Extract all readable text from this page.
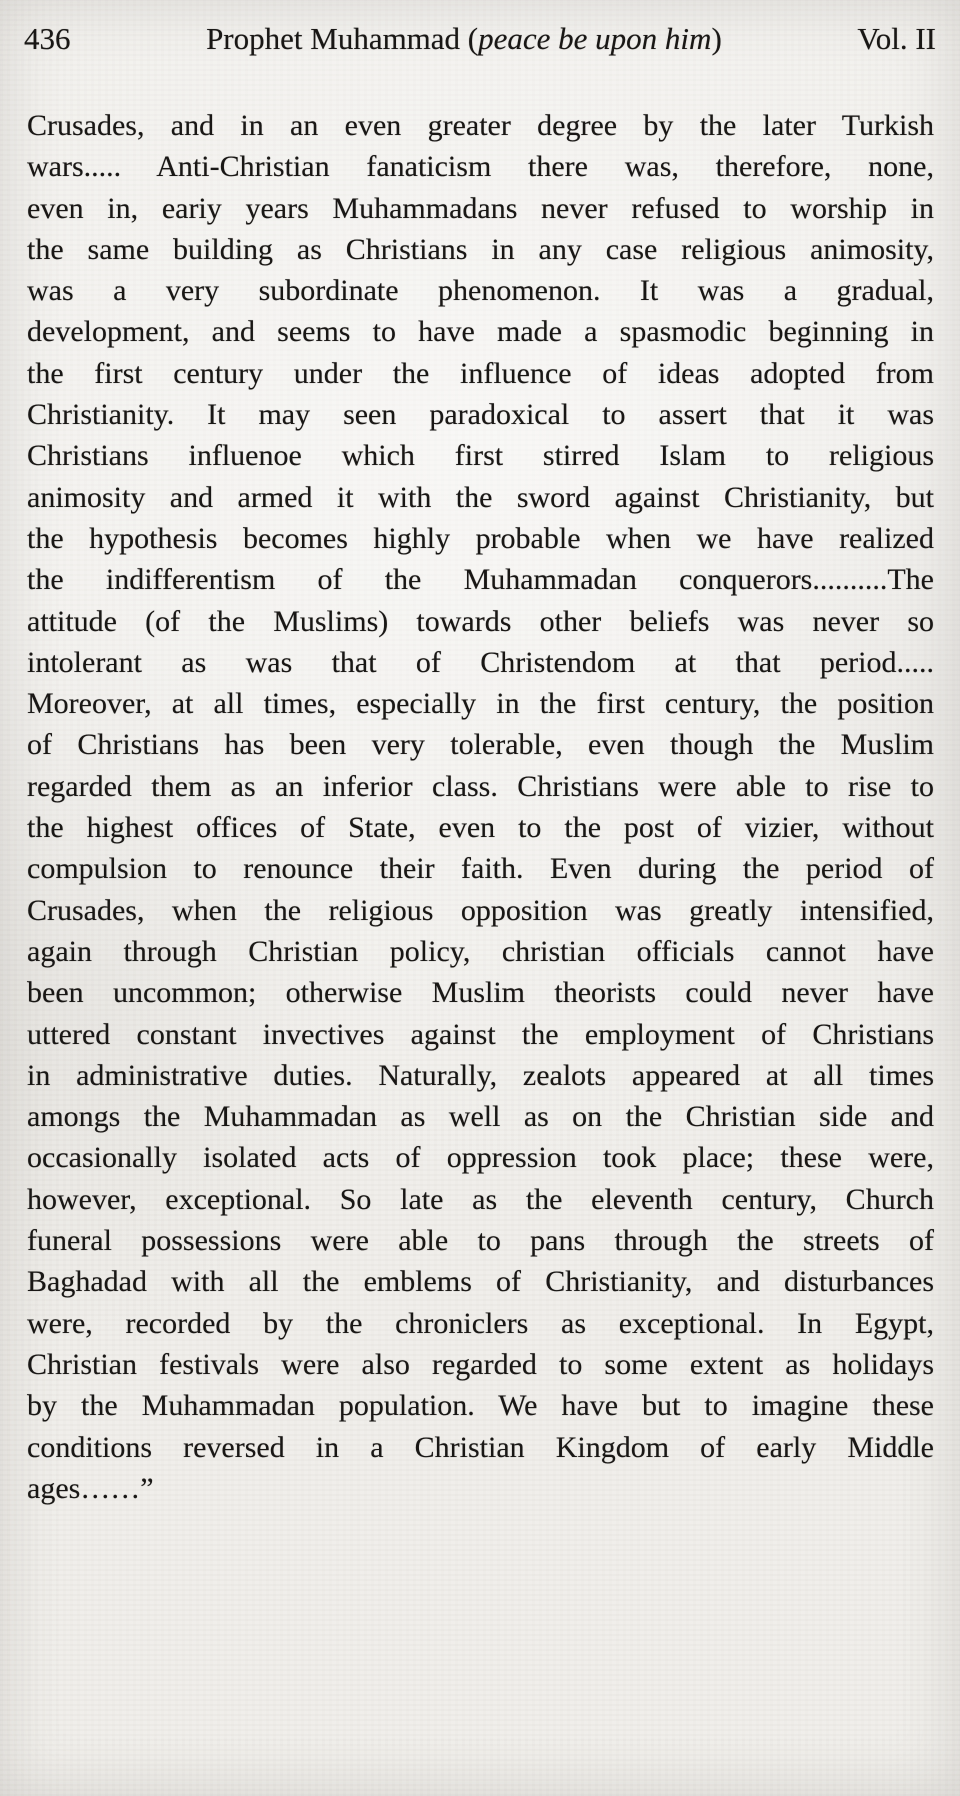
436	Prophet Muhammad (peace be upon him)	Vol. II
Crusades, and in an even greater degree by the later Turkish
wars..... Anti-Christian fanaticism there was, therefore, none,
even in, eariy years Muhammadans never refused to worship in
the same building as Christians in any case religious animosity,
was a very subordinate phenomenon. It was a gradual,
development, and seems to have made a spasmodic beginning in
the first century under the influence of ideas adopted from
Christianity. It may seen paradoxical to assert that it was
Christians influenoe which first stirred Islam to religious
animosity and armed it with the sword against Christianity, but
the hypothesis becomes highly probable when we have realized
the indifferentism of the Muhammadan conquerors..........The
attitude (of the Muslims) towards other beliefs was never so
intolerant as was that of Christendom at that period.....
Moreover, at all times, especially in the first century, the position
of Christians has been very tolerable, even though the Muslim
regarded them as an inferior class. Christians were able to rise to
the highest offices of State, even to the post of vizier, without
compulsion to renounce their faith. Even during the period of
Crusades, when the religious opposition was greatly intensified,
again through Christian policy, christian officials cannot have
been uncommon; otherwise Muslim theorists could never have
uttered constant invectives against the employment of Christians
in administrative duties. Naturally, zealots appeared at all times
amongs the Muhammadan as well as on the Christian side and
occasionally isolated acts of oppression took place; these were,
however, exceptional. So late as the eleventh century, Church
funeral possessions were able to pans through the streets of
Baghadad with all the emblems of Christianity, and disturbances
were, recorded by the chroniclers as exceptional. In Egypt,
Christian festivals were also regarded to some extent as holidays
by the Muhammadan population. We have but to imagine these
conditions reversed in a Christian Kingdom of early Middle
ages……”
